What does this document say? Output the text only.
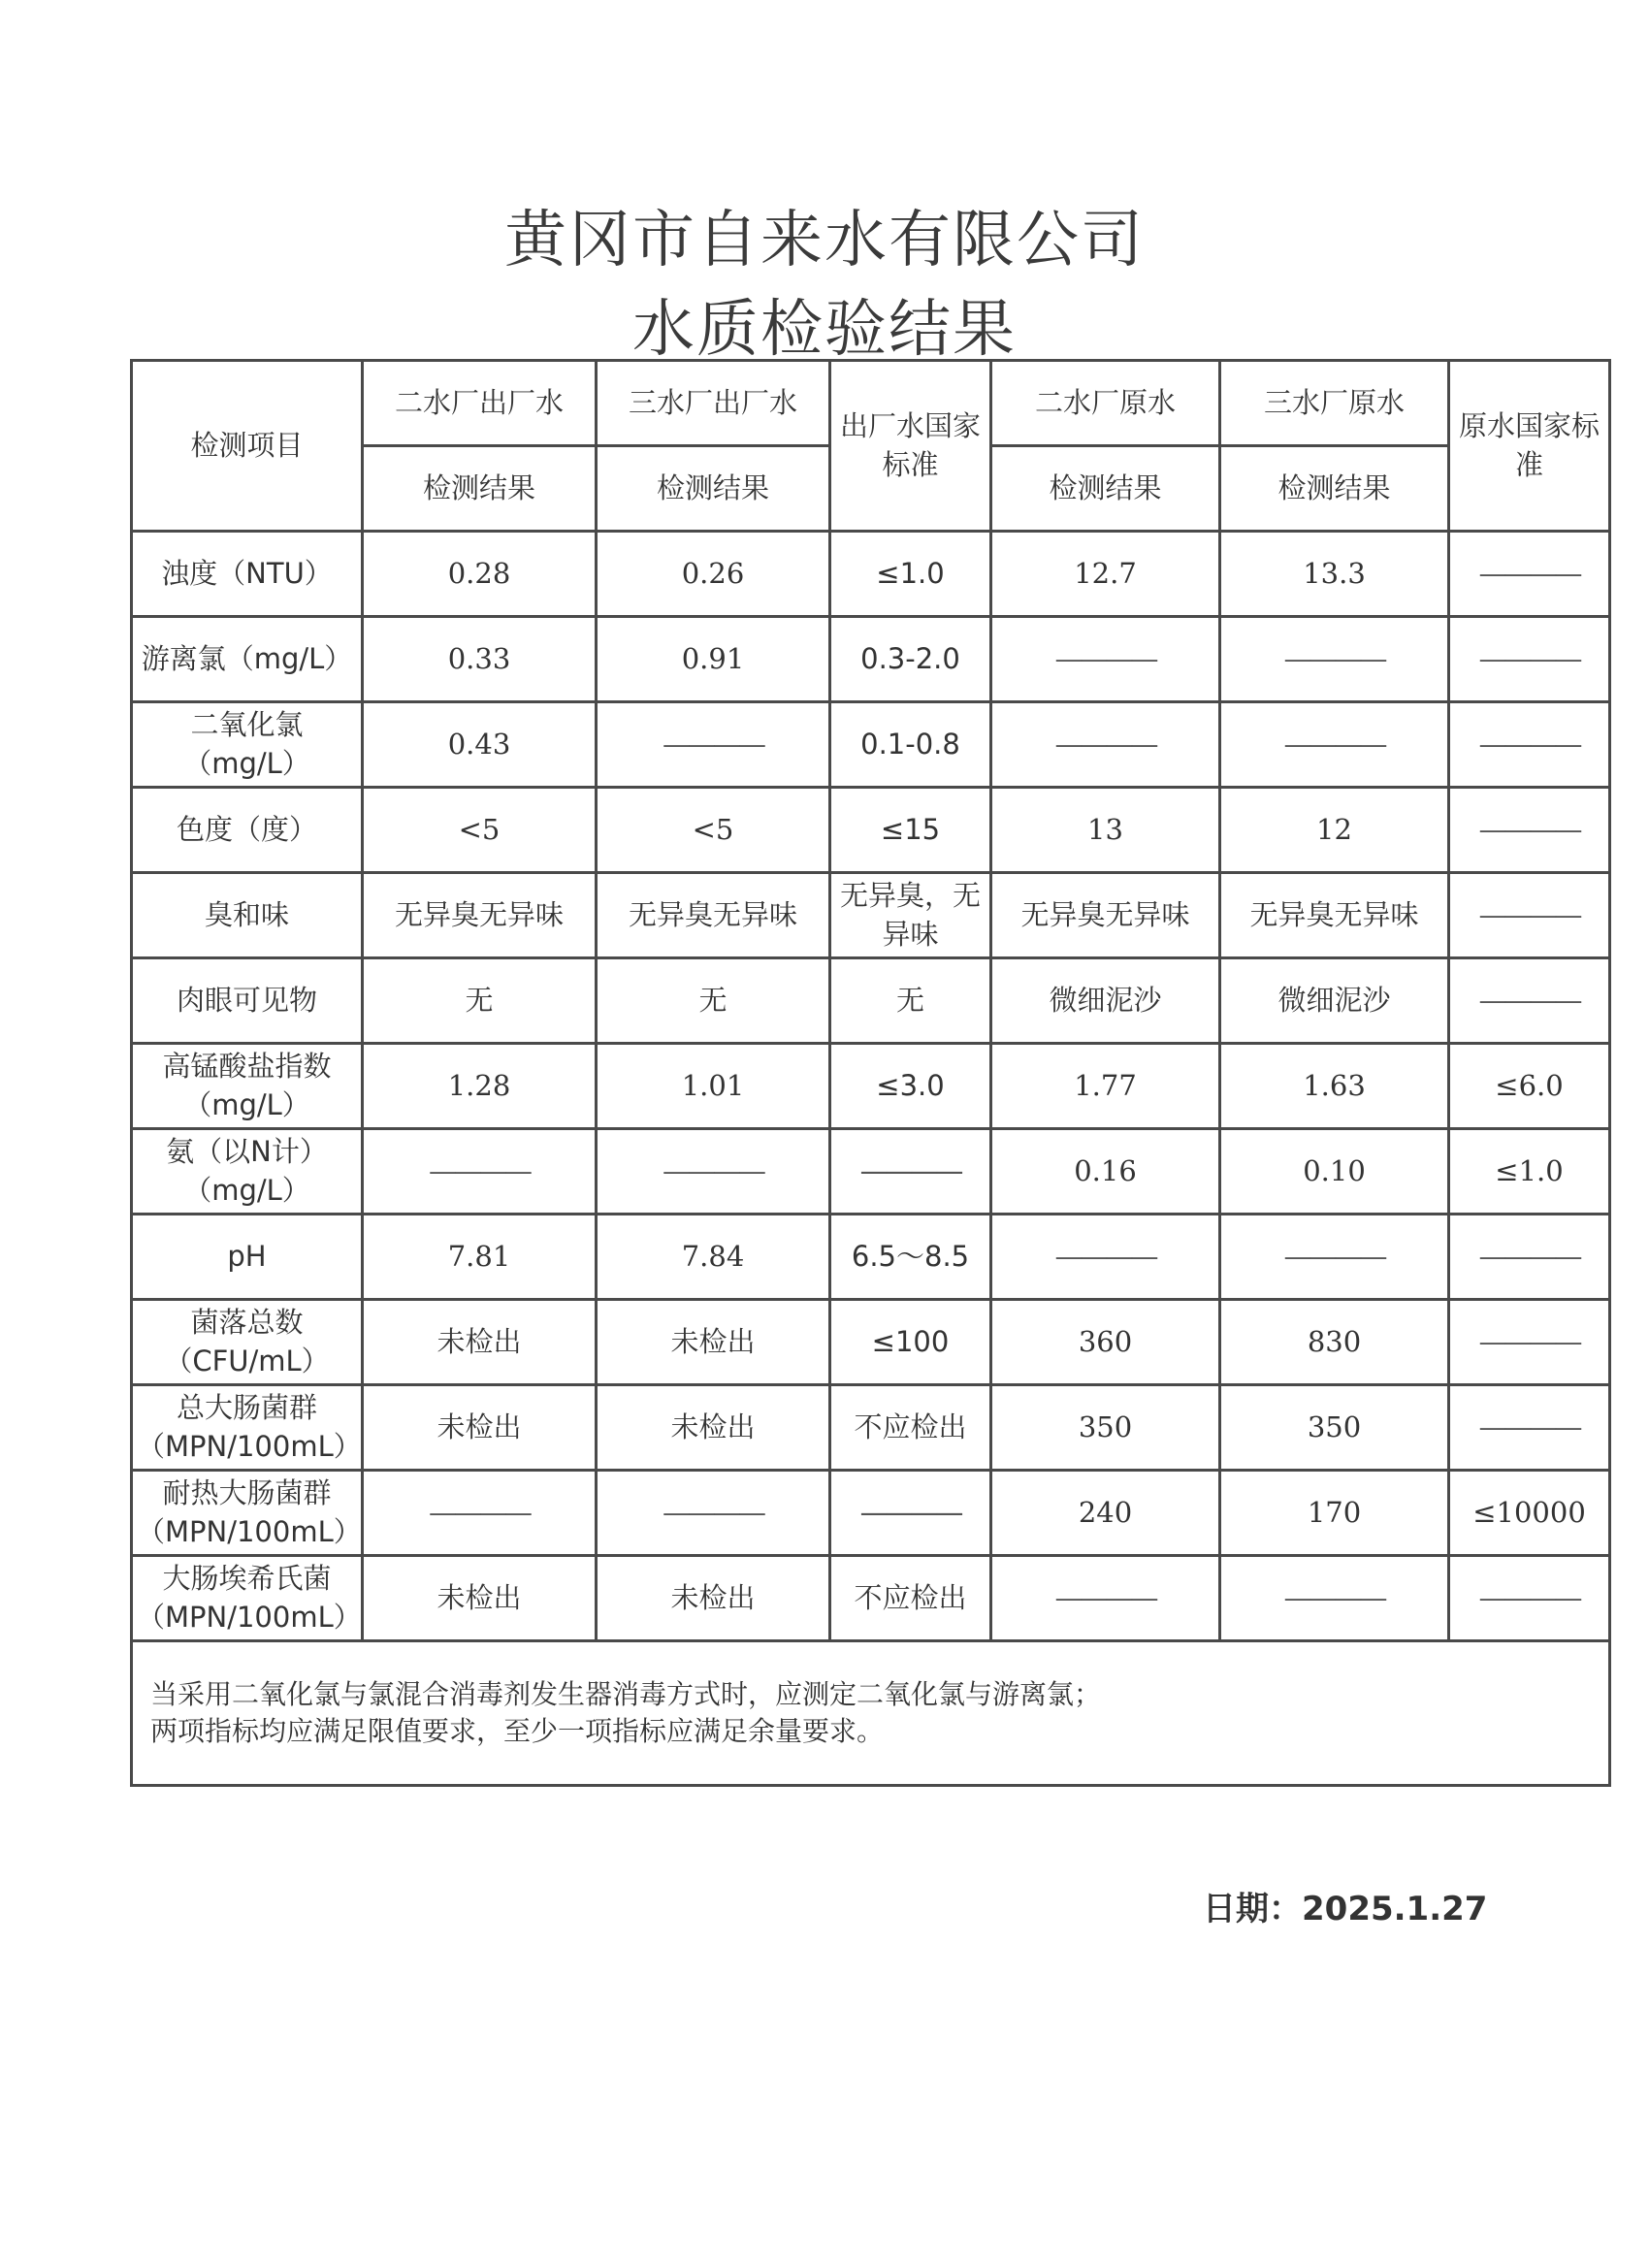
黄冈市自来水有限公司
水质检验结果
检测项目	二水厂出厂水	三水厂出厂水	出厂水国家标准	二水厂原水	三水厂原水	原水国家标准
	检测结果	检测结果		检测结果	检测结果	
浊度（NTU）	0.28	0.26	≤1.0	12.7	13.3	————
游离氯（mg/L）	0.33	0.91	0.3-2.0	————	————	————
二氧化氯（mg/L）	0.43	————	0.1-0.8	————	————	————
色度（度）	<5	<5	≤15	13	12	————
臭和味	无异臭无异味	无异臭无异味	无异臭，无异味	无异臭无异味	无异臭无异味	————
肉眼可见物	无	无	无	微细泥沙	微细泥沙	————
高锰酸盐指数（mg/L）	1.28	1.01	≤3.0	1.77	1.63	≤6.0
氨（以N计）（mg/L）	————	————	————	0.16	0.10	≤1.0
pH	7.81	7.84	6.5～8.5	————	————	————
菌落总数（CFU/mL）	未检出	未检出	≤100	360	830	————
总大肠菌群（MPN/100mL）	未检出	未检出	不应检出	350	350	————
耐热大肠菌群（MPN/100mL）	————	————	————	240	170	≤10000
大肠埃希氏菌（MPN/100mL）	未检出	未检出	不应检出	————	————	————

当采用二氧化氯与氯混合消毒剂发生器消毒方式时，应测定二氧化氯与游离氯；
两项指标均应满足限值要求，至少一项指标应满足余量要求。						
日期：2025.1.27
